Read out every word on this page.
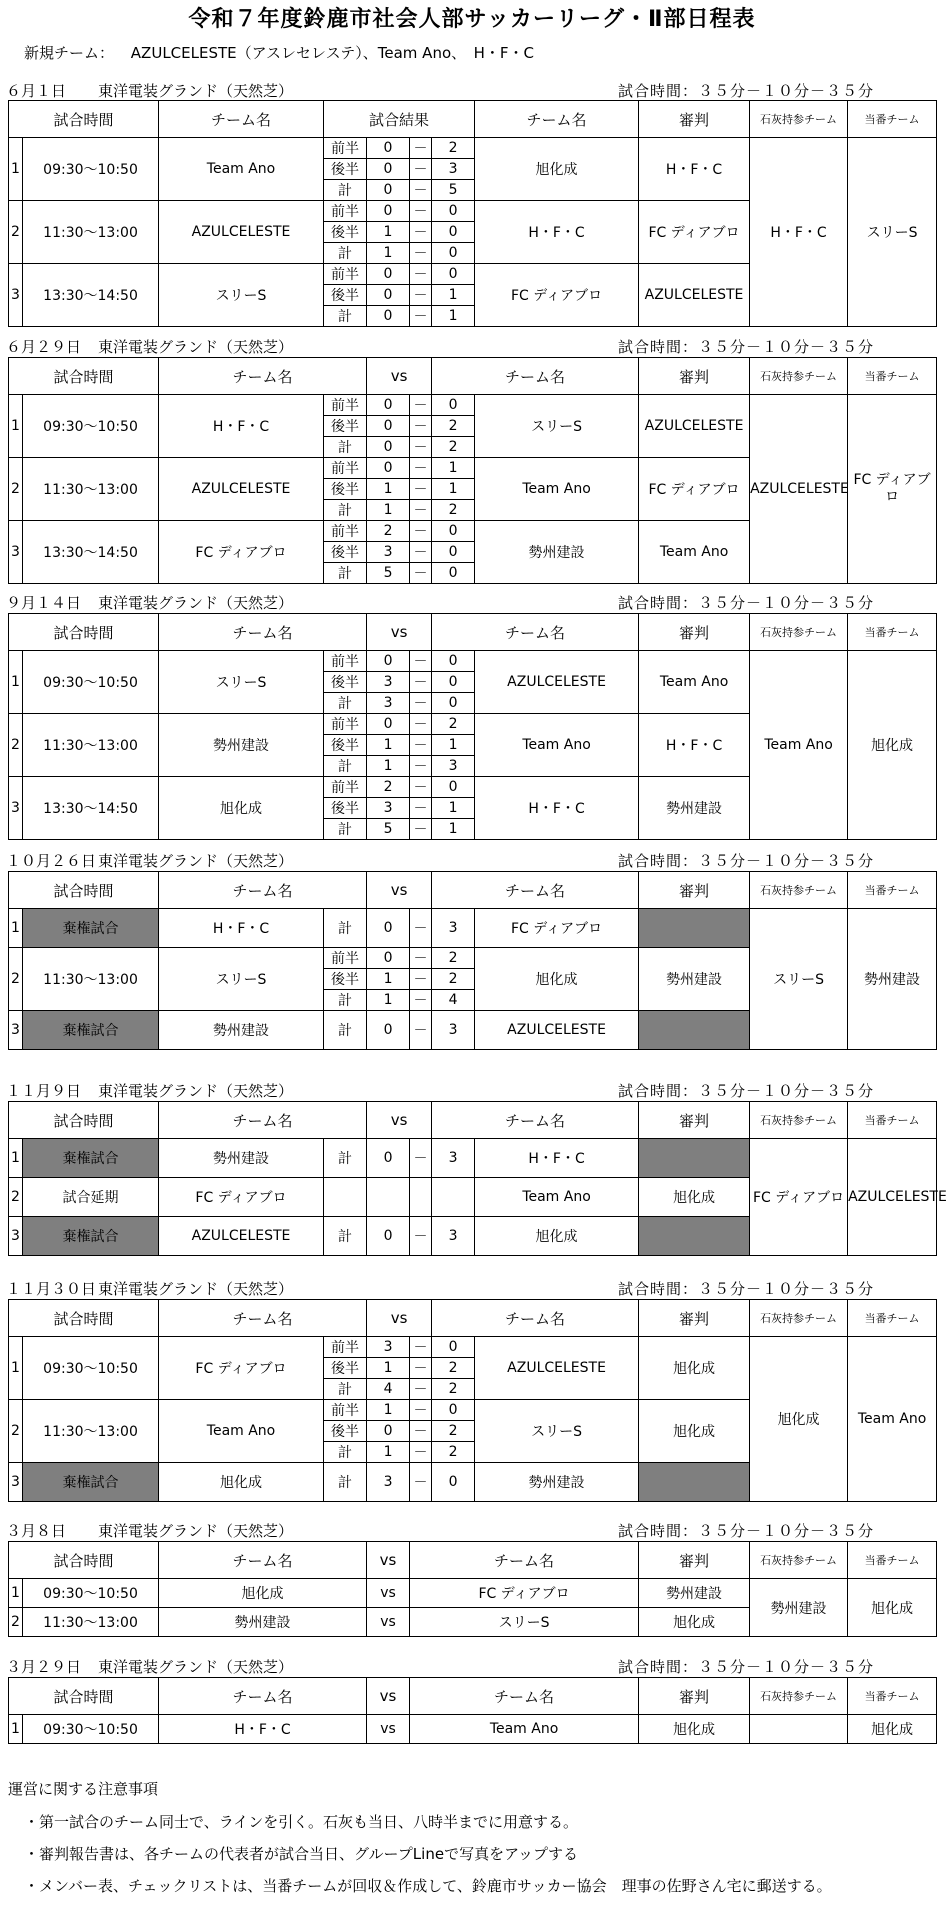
令和７年度鈴鹿市社会人部サッカーリーグ・Ⅱ部日程表
新規チーム： AZULCELESTE（アスレセレステ）、Team Ano、　H・F・C
６月１日 東洋電装グランド（天然芝）	試合時間：３５分－１０分－３５分
試合時間		チーム名	試合結果				チーム名	審判	石灰持参チーム	当番チーム
1	09:30～10:50	Team Ano	前半	0	－	2	旭化成	H・F・C	H・F・C	スリーS
			後半	0	－	3				
			計	0	－	5				
2	11:30～13:00	AZULCELESTE	前半	0	－	0	H・F・C	FC ディアブロ		
			後半	1	－	0				
			計	1	－	0				
3	13:30～14:50	スリーS	前半	0	－	0	FC ディアブロ	AZULCELESTE		
			後半	0	－	1				
			計	0	－	1				
６月２９日 東洋電装グランド（天然芝）	試合時間：３５分－１０分－３５分
試合時間		チーム名		vs		チーム名		審判	石灰持参チーム	当番チーム
1	09:30～10:50	H・F・C	前半	0	－	0	スリーS	AZULCELESTE	AZULCELESTE	FC ディアブロ
			後半	0	－	2				
			計	0	－	2				
2	11:30～13:00	AZULCELESTE	前半	0	－	1	Team Ano	FC ディアブロ		
			後半	1	－	1				
			計	1	－	2				
3	13:30～14:50	FC ディアブロ	前半	2	－	0	勢州建設	Team Ano		
			後半	3	－	0				
			計	5	－	0				
９月１４日 東洋電装グランド（天然芝）	試合時間：３５分－１０分－３５分
試合時間		チーム名		vs		チーム名		審判	石灰持参チーム	当番チーム
1	09:30～10:50	スリーS	前半	0	－	0	AZULCELESTE	Team Ano	Team Ano	旭化成
			後半	3	－	0				
			計	3	－	0				
2	11:30～13:00	勢州建設	前半	0	－	2	Team Ano	H・F・C		
			後半	1	－	1				
			計	1	－	3				
3	13:30～14:50	旭化成	前半	2	－	0	H・F・C	勢州建設		
			後半	3	－	1				
			計	5	－	1				
１０月２６日 東洋電装グランド（天然芝）	試合時間：３５分－１０分－３５分
試合時間		チーム名		vs		チーム名		審判	石灰持参チーム	当番チーム
1	棄権試合	H・F・C	計	0	－	3	FC ディアブロ		スリーS	勢州建設
2	11:30～13:00	スリーS	前半	0	－	2	旭化成	勢州建設		
			後半	1	－	2				
			計	1	－	4				
3	棄権試合	勢州建設	計	0	－	3	AZULCELESTE			
１１月９日 東洋電装グランド（天然芝）	試合時間：３５分－１０分－３５分
試合時間		チーム名		vs		チーム名		審判	石灰持参チーム	当番チーム
1	棄権試合	勢州建設	計	0	－	3	H・F・C		FC ディアブロ	AZULCELESTE
2	試合延期	FC ディアブロ					Team Ano	旭化成		
3	棄権試合	AZULCELESTE	計	0	－	3	旭化成			
１１月３０日 東洋電装グランド（天然芝）	試合時間：３５分－１０分－３５分
試合時間		チーム名		vs		チーム名		審判	石灰持参チーム	当番チーム
1	09:30～10:50	FC ディアブロ	前半	3	－	0	AZULCELESTE	旭化成	旭化成	Team Ano
			後半	1	－	2				
			計	4	－	2				
2	11:30～13:00	Team Ano	前半	1	－	0	スリーS	旭化成		
			後半	0	－	2				
			計	1	－	2				
3	棄権試合	旭化成	計	3	－	0	勢州建設			
３月８日 東洋電装グランド（天然芝）	試合時間：３５分－１０分－３５分
試合時間		チーム名	vs	チーム名	審判	石灰持参チーム	当番チーム
1	09:30～10:50	旭化成	vs	FC ディアブロ	勢州建設	勢州建設	旭化成
2	11:30～13:00	勢州建設	vs	スリーS	旭化成		
３月２９日 東洋電装グランド（天然芝）	試合時間：３５分－１０分－３５分
試合時間		チーム名	vs	チーム名	審判	石灰持参チーム	当番チーム
1	09:30～10:50	H・F・C	vs	Team Ano	旭化成		旭化成
運営に関する注意事項
・第一試合のチーム同士で、ラインを引く。石灰も当日、八時半までに用意する。
・審判報告書は、各チームの代表者が試合当日、グループLineで写真をアップする
・メンバー表、チェックリストは、当番チームが回収＆作成して、鈴鹿市サッカー協会　理事の佐野さん宅に郵送する。
